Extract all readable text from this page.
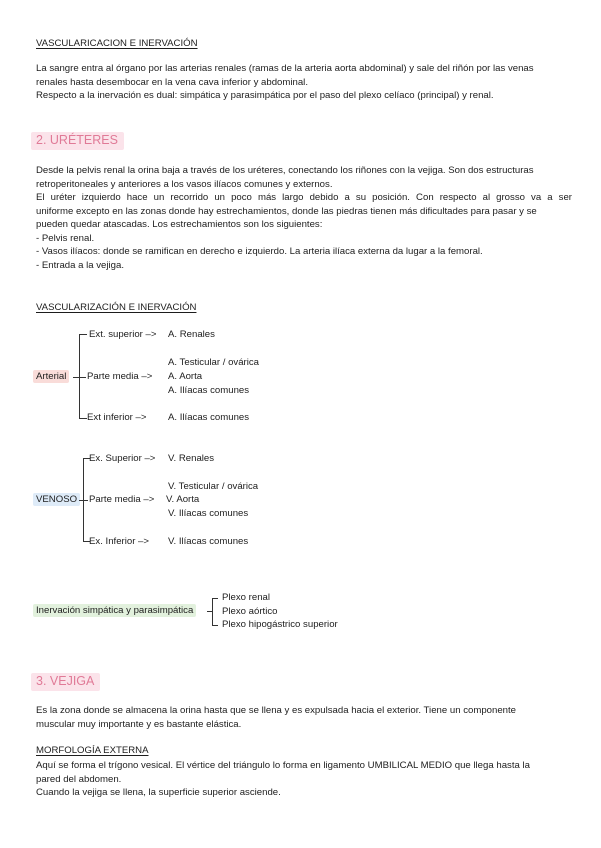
VASCULARICACION E INERVACIÓN
La sangre entra al órgano por las arterias renales (ramas de la arteria aorta abdominal) y sale del riñón por las venas
renales hasta desembocar en la vena cava inferior y abdominal.
Respecto a la inervación es dual: simpática y parasimpática por el paso del plexo celíaco (principal) y renal.
2. URÉTERES
Desde la pelvis renal la orina baja a través de los uréteres, conectando los riñones con la vejiga. Son dos estructuras
retroperitoneales y anteriores a los vasos ilíacos comunes y externos.
El uréter izquierdo hace un recorrido un poco más largo debido a su posición. Con respecto al grosso va a ser
uniforme excepto en las zonas donde hay estrechamientos, donde las piedras tienen más dificultades para pasar y se
pueden quedar atascadas. Los estrechamientos son los siguientes:
- Pelvis renal.
- Vasos ilíacos: donde se ramifican en derecho e izquierdo. La arteria ilíaca externa da lugar a la femoral.
- Entrada a la vejiga.
VASCULARIZACIÓN E INERVACIÓN
Arterial
Ext. superior –> A. Renales
Parte media –>
A. Testicular / ovárica
A. Aorta
A. Ilíacas comunes
Ext inferior –> A. Ilíacas comunes
VENOSO
Ex. Superior –> V. Renales
Parte media –>
V. Testicular / ovárica
V. Aorta
V. Ilíacas comunes
Ex. Inferior –> V. Ilíacas comunes
Inervación simpática y parasimpática
Plexo renal
Plexo aórtico
Plexo hipogástrico superior
3. VEJIGA
Es la zona donde se almacena la orina hasta que se llena y es expulsada hacia el exterior. Tiene un componente
muscular muy importante y es bastante elástica.
MORFOLOGÍA EXTERNA
Aquí se forma el trígono vesical. El vértice del triángulo lo forma en ligamento UMBILICAL MEDIO que llega hasta la
pared del abdomen.
Cuando la vejiga se llena, la superficie superior asciende.
